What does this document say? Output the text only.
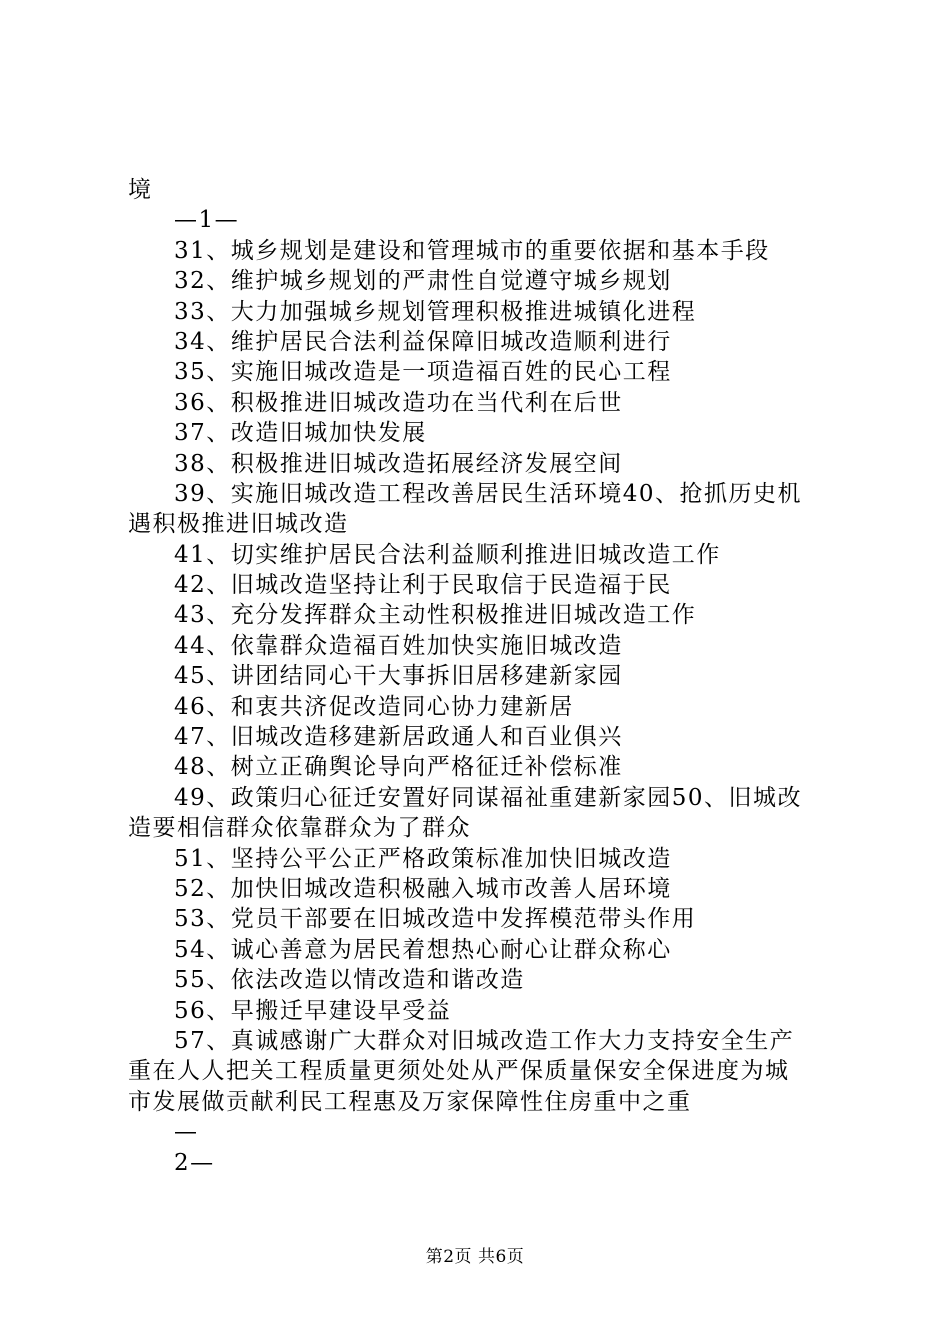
境
—1—
31、城乡规划是建设和管理城市的重要依据和基本手段
32、维护城乡规划的严肃性自觉遵守城乡规划
33、大力加强城乡规划管理积极推进城镇化进程
34、维护居民合法利益保障旧城改造顺利进行
35、实施旧城改造是一项造福百姓的民心工程
36、积极推进旧城改造功在当代利在后世
37、改造旧城加快发展
38、积极推进旧城改造拓展经济发展空间
39、实施旧城改造工程改善居民生活环境40、抢抓历史机
遇积极推进旧城改造
41、切实维护居民合法利益顺利推进旧城改造工作
42、旧城改造坚持让利于民取信于民造福于民
43、充分发挥群众主动性积极推进旧城改造工作
44、依靠群众造福百姓加快实施旧城改造
45、讲团结同心干大事拆旧居移建新家园
46、和衷共济促改造同心协力建新居
47、旧城改造移建新居政通人和百业俱兴
48、树立正确舆论导向严格征迁补偿标准
49、政策归心征迁安置好同谋福祉重建新家园50、旧城改
造要相信群众依靠群众为了群众
51、坚持公平公正严格政策标准加快旧城改造
52、加快旧城改造积极融入城市改善人居环境
53、党员干部要在旧城改造中发挥模范带头作用
54、诚心善意为居民着想热心耐心让群众称心
55、依法改造以情改造和谐改造
56、早搬迁早建设早受益
57、真诚感谢广大群众对旧城改造工作大力支持安全生产
重在人人把关工程质量更须处处从严保质量保安全保进度为城
市发展做贡献利民工程惠及万家保障性住房重中之重
—
2—
第2页 共6页
